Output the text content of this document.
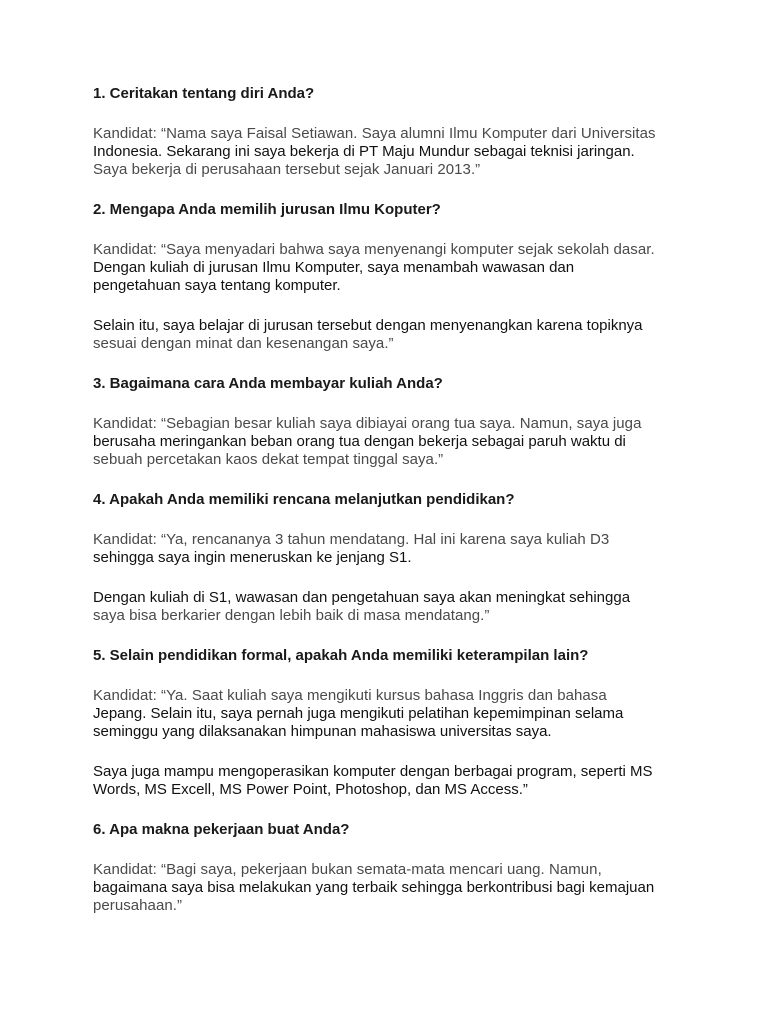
1. Ceritakan tentang diri Anda?
Kandidat: “Nama saya Faisal Setiawan. Saya alumni Ilmu Komputer dari Universitas
Indonesia. Sekarang ini saya bekerja di PT Maju Mundur sebagai teknisi jaringan.
Saya bekerja di perusahaan tersebut sejak Januari 2013.”
2. Mengapa Anda memilih jurusan Ilmu Koputer?
Kandidat: “Saya menyadari bahwa saya menyenangi komputer sejak sekolah dasar.
Dengan kuliah di jurusan Ilmu Komputer, saya menambah wawasan dan
pengetahuan saya tentang komputer.
Selain itu, saya belajar di jurusan tersebut dengan menyenangkan karena topiknya
sesuai dengan minat dan kesenangan saya.”
3. Bagaimana cara Anda membayar kuliah Anda?
Kandidat: “Sebagian besar kuliah saya dibiayai orang tua saya. Namun, saya juga
berusaha meringankan beban orang tua dengan bekerja sebagai paruh waktu di
sebuah percetakan kaos dekat tempat tinggal saya.”
4. Apakah Anda memiliki rencana melanjutkan pendidikan?
Kandidat: “Ya, rencananya 3 tahun mendatang. Hal ini karena saya kuliah D3
sehingga saya ingin meneruskan ke jenjang S1.
Dengan kuliah di S1, wawasan dan pengetahuan saya akan meningkat sehingga
saya bisa berkarier dengan lebih baik di masa mendatang.”
5. Selain pendidikan formal, apakah Anda memiliki keterampilan lain?
Kandidat: “Ya. Saat kuliah saya mengikuti kursus bahasa Inggris dan bahasa
Jepang. Selain itu, saya pernah juga mengikuti pelatihan kepemimpinan selama
seminggu yang dilaksanakan himpunan mahasiswa universitas saya.
Saya juga mampu mengoperasikan komputer dengan berbagai program, seperti MS
Words, MS Excell, MS Power Point, Photoshop, dan MS Access.”
6. Apa makna pekerjaan buat Anda?
Kandidat: “Bagi saya, pekerjaan bukan semata-mata mencari uang. Namun,
bagaimana saya bisa melakukan yang terbaik sehingga berkontribusi bagi kemajuan
perusahaan.”
